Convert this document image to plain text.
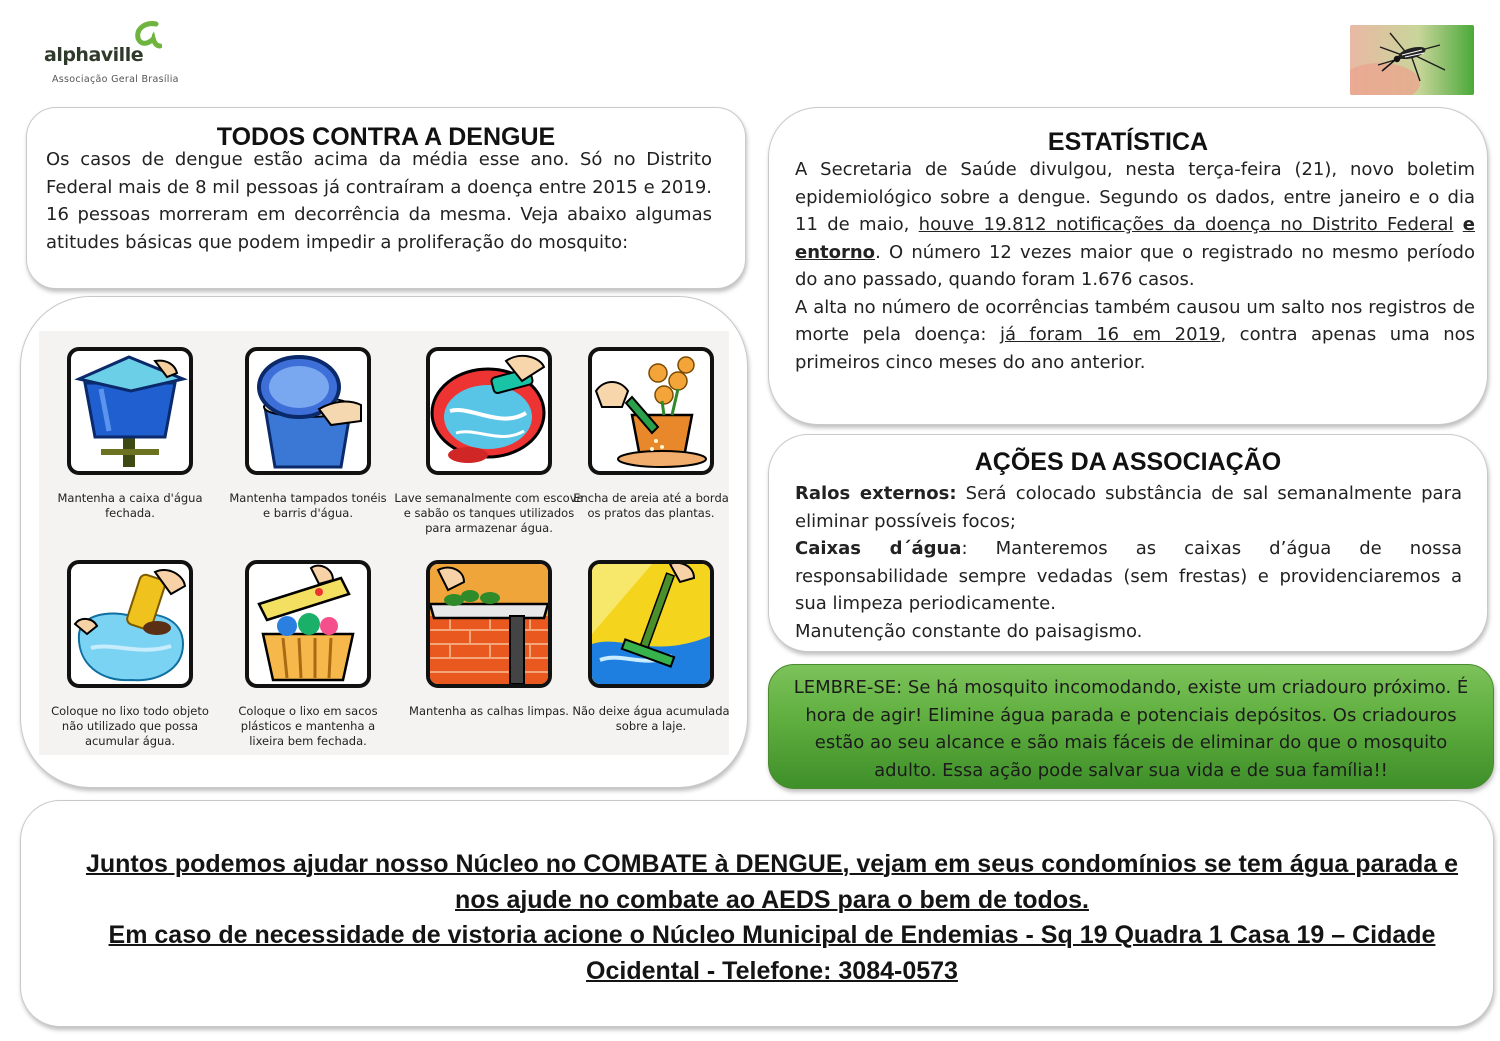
alphaville
Associação Geral Brasília
TODOS CONTRA A DENGUE

Os casos de dengue estão acima da média esse ano. Só no Distrito Federal mais de 8 mil pessoas já contraíram a doença entre 2015 e 2019. 16 pessoas morreram em decorrência da mesma. Veja abaixo algumas atitudes básicas que podem impedir a proliferação do mosquito:

Mantenha a caixa d'água fechada.
Mantenha tampados tonéis e barris d'água.
Lave semanalmente com escova e sabão os tanques utilizados para armazenar água.
Encha de areia até a borda os pratos das plantas.
Coloque no lixo todo objeto não utilizado que possa acumular água.
Coloque o lixo em sacos plásticos e mantenha a lixeira bem fechada.
Mantenha as calhas limpas. Não deixe água acumulada sobre a laje.
ESTATÍSTICA

A Secretaria de Saúde divulgou, nesta terça-feira (21), novo boletim epidemiológico sobre a dengue. Segundo os dados, entre janeiro e o dia 11 de maio, houve 19.812 notificações da doença no Distrito Federal e entorno. O número 12 vezes maior que o registrado no mesmo período do ano passado, quando foram 1.676 casos.

A alta no número de ocorrências também causou um salto nos registros de morte pela doença: já foram 16 em 2019, contra apenas uma nos primeiros cinco meses do ano anterior.

AÇÕES DA ASSOCIAÇÃO

Ralos externos: Será colocado substância de sal semanalmente para eliminar possíveis focos;

Caixas d´água: Manteremos as caixas d’água de nossa responsabilidade sempre vedadas (sem frestas) e providenciaremos a sua limpeza periodicamente.

Manutenção constante do paisagismo.

LEMBRE-SE: Se há mosquito incomodando, existe um criadouro próximo. É hora de agir! Elimine água parada e potenciais depósitos. Os criadouros estão ao seu alcance e são mais fáceis de eliminar do que o mosquito adulto. Essa ação pode salvar sua vida e de sua família!!
Juntos podemos ajudar nosso Núcleo no COMBATE à DENGUE, vejam em seus condomínios se tem água parada e nos ajude no combate ao AEDS para o bem de todos.
Em caso de necessidade de vistoria acione o Núcleo Municipal de Endemias - Sq 19 Quadra 1 Casa 19 – Cidade Ocidental - Telefone: 3084-0573
